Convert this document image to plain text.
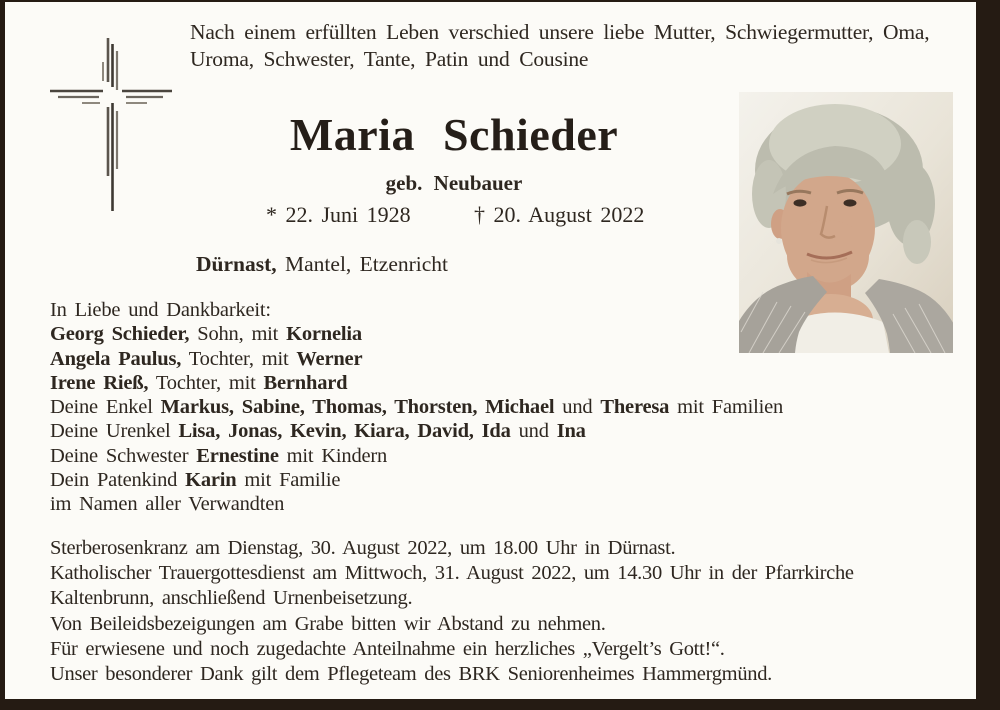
Nach einem erfüllten Leben verschied unsere liebe Mutter, Schwiegermutter, Oma, Uroma, Schwester, Tante, Patin und Cousine
Maria Schieder
geb. Neubauer
* 22. Juni 1928	† 20. August 2022
Dürnast, Mantel, Etzenricht
In Liebe und Dankbarkeit:
Georg Schieder, Sohn, mit Kornelia
Angela Paulus, Tochter, mit Werner
Irene Rieß, Tochter, mit Bernhard
Deine Enkel Markus, Sabine, Thomas, Thorsten, Michael und Theresa mit Familien
Deine Urenkel Lisa, Jonas, Kevin, Kiara, David, Ida und Ina
Deine Schwester Ernestine mit Kindern
Dein Patenkind Karin mit Familie
im Namen aller Verwandten
Sterberosenkranz am Dienstag, 30. August 2022, um 18.00 Uhr in Dürnast.
Katholischer Trauergottesdienst am Mittwoch, 31. August 2022, um 14.30 Uhr in der Pfarrkirche
Kaltenbrunn, anschließend Urnenbeisetzung.
Von Beileidsbezeigungen am Grabe bitten wir Abstand zu nehmen.
Für erwiesene und noch zugedachte Anteilnahme ein herzliches „Vergelt’s Gott!“.
Unser besonderer Dank gilt dem Pflegeteam des BRK Seniorenheimes Hammergmünd.
